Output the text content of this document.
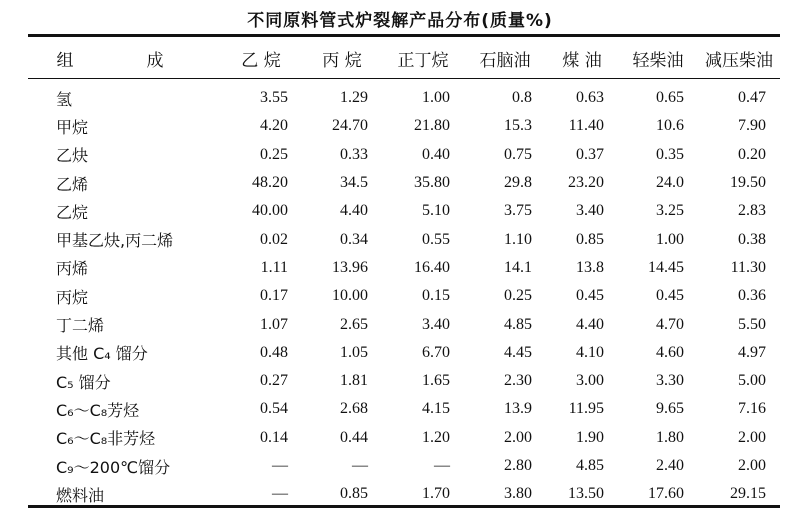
不同原料管式炉裂解产品分布(质量%)
组　成	乙 烷	丙 烷	正丁烷	石脑油	煤 油	轻柴油	减压柴油

氢	3.55	1.29	1.00	0.8	0.63	0.65	0.47
甲烷	4.20	24.70	21.80	15.3	11.40	10.6	7.90
乙炔	0.25	0.33	0.40	0.75	0.37	0.35	0.20
乙烯	48.20	34.5	35.80	29.8	23.20	24.0	19.50
乙烷	40.00	4.40	5.10	3.75	3.40	3.25	2.83
甲基乙炔,丙二烯	0.02	0.34	0.55	1.10	0.85	1.00	0.38
丙烯	1.11	13.96	16.40	14.1	13.8	14.45	11.30
丙烷	0.17	10.00	0.15	0.25	0.45	0.45	0.36
丁二烯	1.07	2.65	3.40	4.85	4.40	4.70	5.50
其他 C₄ 馏分	0.48	1.05	6.70	4.45	4.10	4.60	4.97
C₅ 馏分	0.27	1.81	1.65	2.30	3.00	3.30	5.00
C₆～C₈芳烃	0.54	2.68	4.15	13.9	11.95	9.65	7.16
C₆～C₈非芳烃	0.14	0.44	1.20	2.00	1.90	1.80	2.00
C₉～200℃馏分	—	—	—	2.80	4.85	2.40	2.00
燃料油	—	0.85	1.70	3.80	13.50	17.60	29.15
